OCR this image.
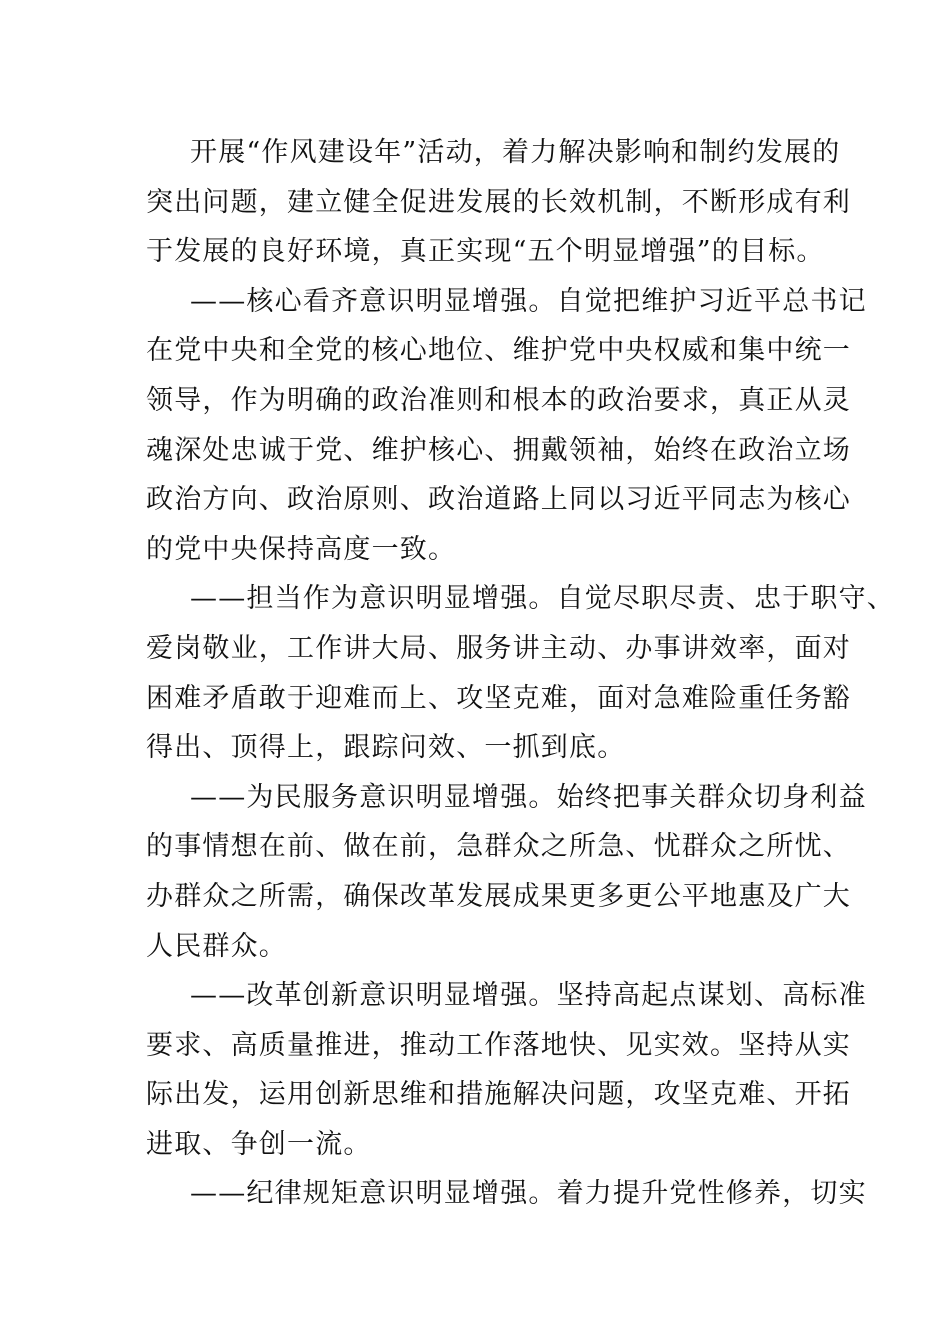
开展“作风建设年”活动，着力解决影响和制约发展的
突出问题，建立健全促进发展的长效机制，不断形成有利
于发展的良好环境，真正实现“五个明显增强”的目标。
——核心看齐意识明显增强。自觉把维护习近平总书记
在党中央和全党的核心地位、维护党中央权威和集中统一
领导，作为明确的政治准则和根本的政治要求，真正从灵
魂深处忠诚于党、维护核心、拥戴领袖，始终在政治立场
政治方向、政治原则、政治道路上同以习近平同志为核心
的党中央保持高度一致。
——担当作为意识明显增强。自觉尽职尽责、忠于职守、
爱岗敬业，工作讲大局、服务讲主动、办事讲效率，面对
困难矛盾敢于迎难而上、攻坚克难，面对急难险重任务豁
得出、顶得上，跟踪问效、一抓到底。
——为民服务意识明显增强。始终把事关群众切身利益
的事情想在前、做在前，急群众之所急、忧群众之所忧、
办群众之所需，确保改革发展成果更多更公平地惠及广大
人民群众。
——改革创新意识明显增强。坚持高起点谋划、高标准
要求、高质量推进，推动工作落地快、见实效。坚持从实
际出发，运用创新思维和措施解决问题，攻坚克难、开拓
进取、争创一流。
——纪律规矩意识明显增强。着力提升党性修养，切实
